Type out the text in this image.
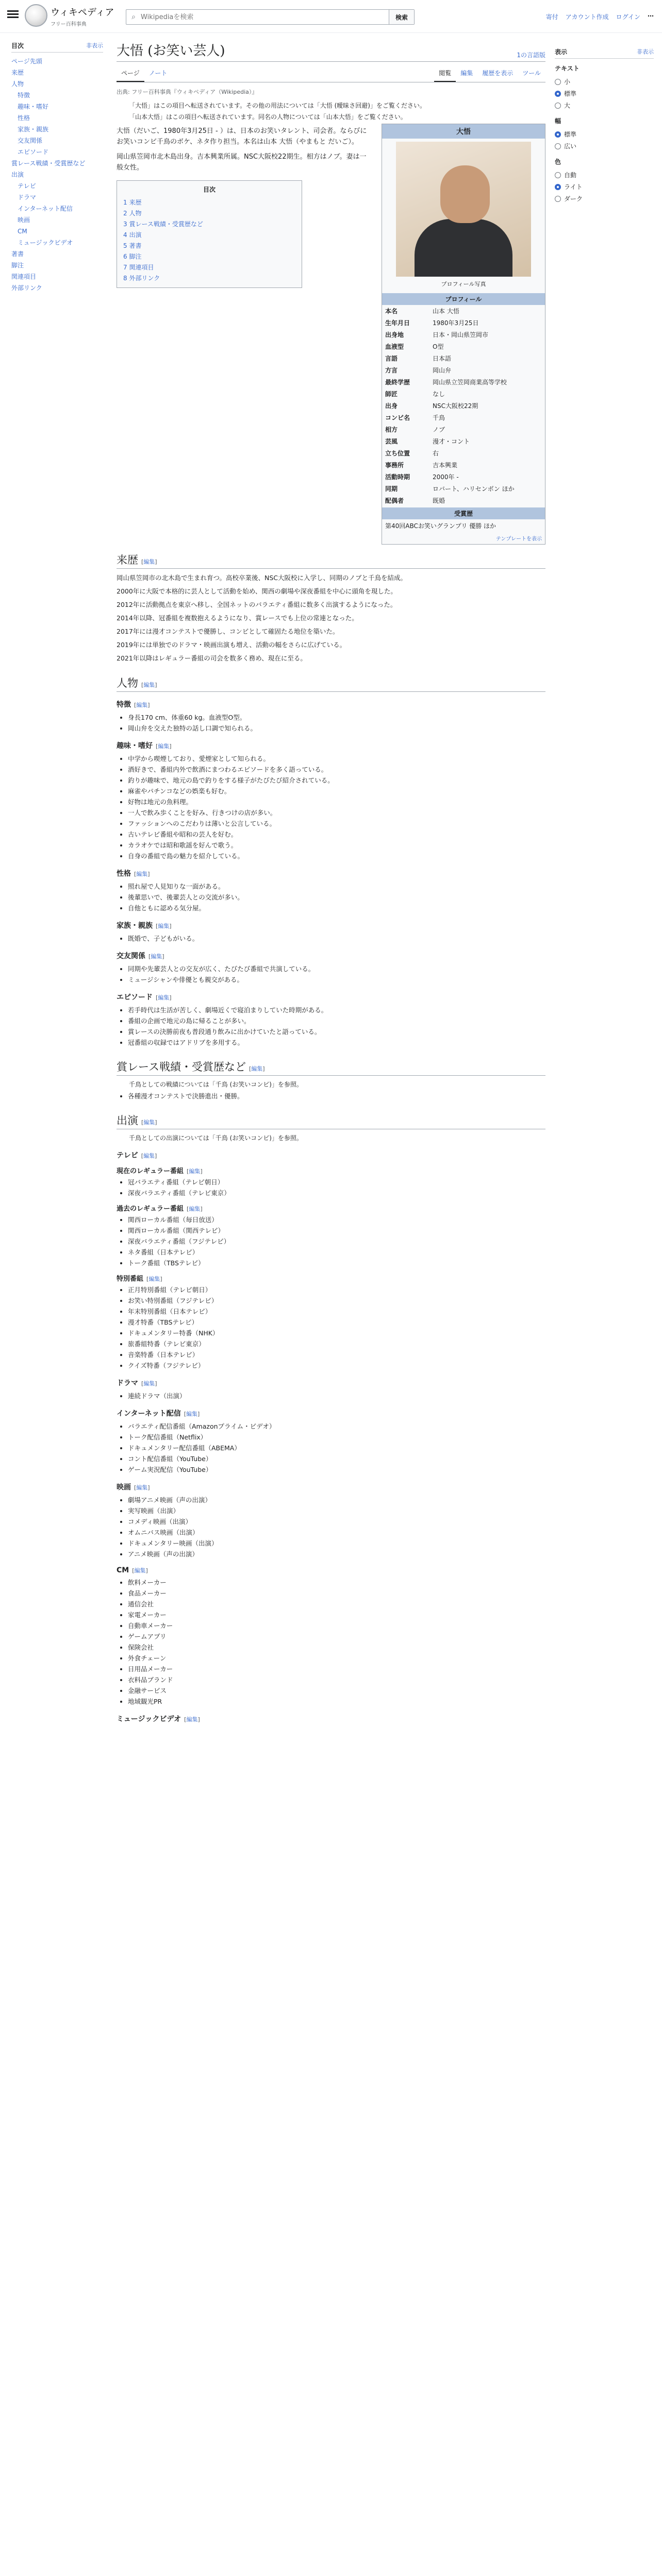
ウィキペディア
フリー百科事典
⌕
Wikipediaを検索	検索	寄付 アカウント作成 ログイン ⋯
目次	非表示
ページ先頭
来歴
人物
特徴
趣味・嗜好
性格
家族・親族
交友関係
エピソード
賞レース戦績・受賞歴など
出演
テレビ
ドラマ
インターネット配信
映画
CM
ミュージックビデオ
著書
脚注
関連項目
外部リンク
大悟 (お笑い芸人)	1の言語版
ページ	ノート	閲覧	編集	履歴を表示	ツール
出典: フリー百科事典『ウィキペディア（Wikipedia）』
「大悟」はこの項目へ転送されています。その他の用法については「大悟 (曖昧さ回避)」をご覧ください。
「山本大悟」はこの項目へ転送されています。同名の人物については「山本大悟」をご覧ください。
大悟
プロフィール写真
プロフィール
本名	山本 大悟
生年月日	1980年3月25日
出身地	日本・岡山県笠岡市
血液型	O型
言語	日本語
方言	岡山弁
最終学歴	岡山県立笠岡商業高等学校
師匠	なし
出身	NSC大阪校22期
コンビ名	千鳥
相方	ノブ
芸風	漫才・コント
立ち位置	右
事務所	吉本興業
活動時期	2000年 -
同期	ロバート、ハリセンボン ほか
配偶者	既婚
受賞歴
第40回ABCお笑いグランプリ 優勝 ほか
テンプレートを表示

大悟（だいご、1980年3月25日 - ）は、日本のお笑いタレント、司会者。ならびにお笑いコンビ千鳥のボケ、ネタ作り担当。本名は山本 大悟（やまもと だいご）。

岡山県笠岡市北木島出身。吉本興業所属。NSC大阪校22期生。相方はノブ。妻は一般女性。

目次
1 来歴
2 人物
3 賞レース戦績・受賞歴など
4 出演
5 著書
6 脚注
7 関連項目
8 外部リンク
来歴 [編集]

岡山県笠岡市の北木島で生まれ育つ。高校卒業後、NSC大阪校に入学し、同期のノブと千鳥を結成。

2000年に大阪で本格的に芸人として活動を始め、関西の劇場や深夜番組を中心に頭角を現した。

2012年に活動拠点を東京へ移し、全国ネットのバラエティ番組に数多く出演するようになった。

2014年以降、冠番組を複数抱えるようになり、賞レースでも上位の常連となった。

2017年には漫才コンテストで優勝し、コンビとして確固たる地位を築いた。

2019年には単独でのドラマ・映画出演も増え、活動の幅をさらに広げている。

2021年以降はレギュラー番組の司会を数多く務め、現在に至る。

人物 [編集]
特徴 [編集]
• 身長170 cm、体重60 kg。血液型O型。
• 岡山弁を交えた独特の話し口調で知られる。
趣味・嗜好 [編集]
• 中学から喫煙しており、愛煙家として知られる。
• 酒好きで、番組内外で飲酒にまつわるエピソードを多く語っている。
• 釣りが趣味で、地元の島で釣りをする様子がたびたび紹介されている。
• 麻雀やパチンコなどの娯楽も好む。
• 好物は地元の魚料理。
• 一人で飲み歩くことを好み、行きつけの店が多い。
• ファッションへのこだわりは薄いと公言している。
• 古いテレビ番組や昭和の芸人を好む。
• カラオケでは昭和歌謡を好んで歌う。
• 自身の番組で島の魅力を紹介している。
性格 [編集]
• 照れ屋で人見知りな一面がある。
• 後輩思いで、後輩芸人との交流が多い。
• 自他ともに認める気分屋。
家族・親族 [編集]
• 既婚で、子どもがいる。
交友関係 [編集]
• 同期や先輩芸人との交友が広く、たびたび番組で共演している。
• ミュージシャンや俳優とも親交がある。
エピソード [編集]
• 若手時代は生活が苦しく、劇場近くで寝泊まりしていた時期がある。
• 番組の企画で地元の島に帰ることが多い。
• 賞レースの決勝前夜も普段通り飲みに出かけていたと語っている。
• 冠番組の収録ではアドリブを多用する。
賞レース戦績・受賞歴など [編集]
千鳥としての戦績については「千鳥 (お笑いコンビ)」を参照。
• 各種漫才コンテストで決勝進出・優勝。
出演 [編集]
千鳥としての出演については「千鳥 (お笑いコンビ)」を参照。
テレビ [編集]
現在のレギュラー番組 [編集]
• 冠バラエティ番組（テレビ朝日）
• 深夜バラエティ番組（テレビ東京）
過去のレギュラー番組 [編集]
• 関西ローカル番組（毎日放送）
• 関西ローカル番組（関西テレビ）
• 深夜バラエティ番組（フジテレビ）
• ネタ番組（日本テレビ）
• トーク番組（TBSテレビ）
特別番組 [編集]
• 正月特別番組（テレビ朝日）
• お笑い特別番組（フジテレビ）
• 年末特別番組（日本テレビ）
• 漫才特番（TBSテレビ）
• ドキュメンタリー特番（NHK）
• 旅番組特番（テレビ東京）
• 音楽特番（日本テレビ）
• クイズ特番（フジテレビ）
ドラマ [編集]
• 連続ドラマ（出演）
インターネット配信 [編集]
• バラエティ配信番組（Amazonプライム・ビデオ）
• トーク配信番組（Netflix）
• ドキュメンタリー配信番組（ABEMA）
• コント配信番組（YouTube）
• ゲーム実況配信（YouTube）
映画 [編集]
• 劇場アニメ映画（声の出演）
• 実写映画（出演）
• コメディ映画（出演）
• オムニバス映画（出演）
• ドキュメンタリー映画（出演）
• アニメ映画（声の出演）
CM [編集]
• 飲料メーカー
• 食品メーカー
• 通信会社
• 家電メーカー
• 自動車メーカー
• ゲームアプリ
• 保険会社
• 外食チェーン
• 日用品メーカー
• 衣料品ブランド
• 金融サービス
• 地域観光PR
ミュージックビデオ [編集]
表示	非表示
テキスト
小
標準
大
幅
標準
広い
色
自動
ライト
ダーク
